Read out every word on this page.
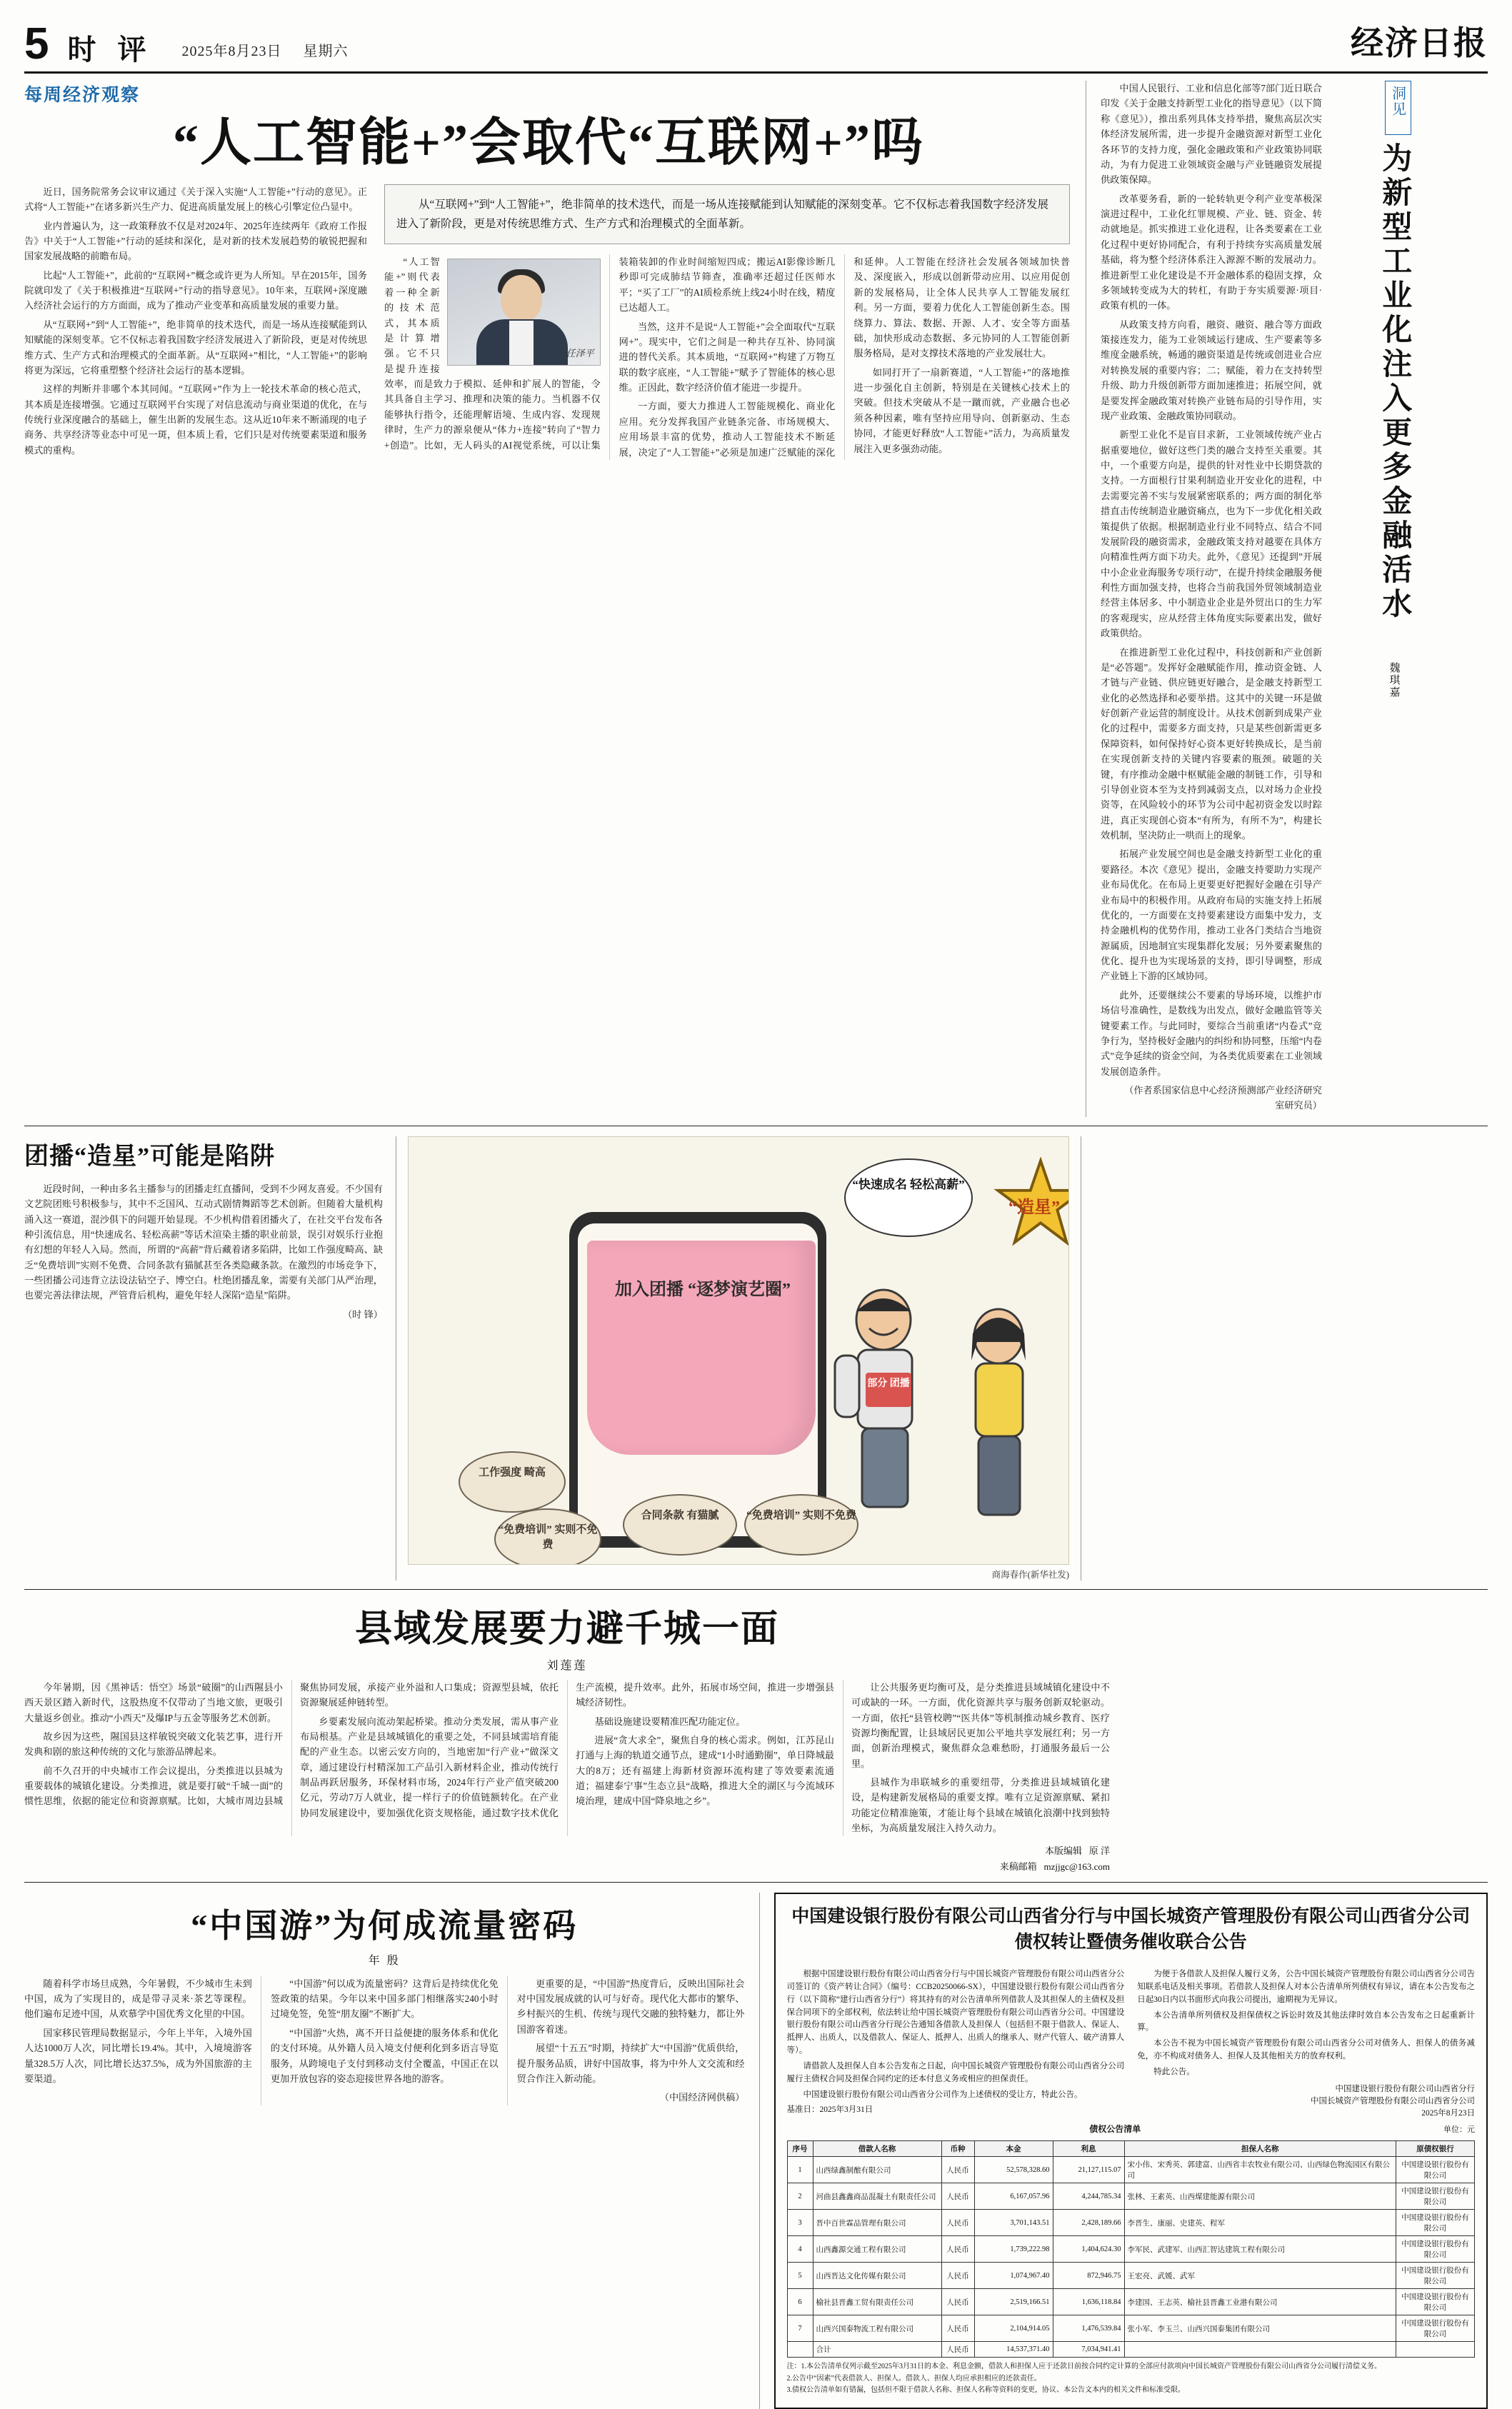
5 时 评 2025年8月23日 星期六	经济日报
每周经济观察
“人工智能+”会取代“互联网+”吗

近日，国务院常务会议审议通过《关于深入实施“人工智能+”行动的意见》。正式将“人工智能+”在诸多新兴生产力、促进高质量发展上的核心引擎定位凸显中。

业内普遍认为，这一政策释放不仅是对2024年、2025年连续两年《政府工作报告》中关于“人工智能+”行动的延续和深化，是对新的技术发展趋势的敏锐把握和国家发展战略的前瞻布局。

比起“人工智能+”，此前的“互联网+”概念或许更为人所知。早在2015年，国务院就印发了《关于积极推进“互联网+”行动的指导意见》。10年来，互联网+深度融入经济社会运行的方方面面，成为了推动产业变革和高质量发展的重要力量。

从“互联网+”到“人工智能+”，绝非简单的技术迭代，而是一场从连接赋能到认知赋能的深刻变革。它不仅标志着我国数字经济发展进入了新阶段，更是对传统思维方式、生产方式和治理模式的全面革新。从“互联网+”相比，“人工智能+”的影响将更为深远，它将重塑整个经济社会运行的基本逻辑。

这样的判断并非哪个本其同闻。“互联网+”作为上一轮技术革命的核心范式，其本质是连接增强。它通过互联网平台实现了对信息流动与商业渠道的优化，在与传统行业深度融合的基础上，催生出新的发展生态。这从近10年来不断涌现的电子商务、共享经济等业态中可见一斑，但本质上看，它们只是对传统要素渠道和服务模式的重构。

从“互联网+”到“人工智能+”，绝非简单的技术迭代，而是一场从连接赋能到认知赋能的深刻变革。它不仅标志着我国数字经济发展进入了新阶段，更是对传统思维方式、生产方式和治理模式的全面革新。
任泽平

“人工智能+”则代表着一种全新的技术范式，其本质是计算增强。它不只是提升连接效率，而是致力于模拟、延伸和扩展人的智能，令其具备自主学习、推理和决策的能力。当机器不仅能够执行指令，还能理解语境、生成内容、发现规律时，生产力的源泉便从“体力+连接”转向了“智力+创造”。比如，无人码头的AI视觉系统，可以让集装箱装卸的作业时间缩短四成；搬运AI影像诊断几秒即可完成肺结节筛查，准确率还超过任医师水平；“买了工厂”的AI质检系统上线24小时在线，精度已达超人工。

当然，这并不是说“人工智能+”会全面取代“互联网+”。现实中，它们之间是一种共存互补、协同演进的替代关系。其本质地，“互联网+”构建了万物互联的数字底座，“人工智能+”赋予了智能体的核心思维。正因此，数字经济价值才能进一步提升。

一方面，要大力推进人工智能规模化、商业化应用。充分发挥我国产业链条完备、市场规模大、应用场景丰富的优势，推动人工智能技术不断延展，决定了“人工智能+”必须是加速广泛赋能的深化和延伸。人工智能在经济社会发展各领域加快普及、深度嵌入，形成以创新带动应用、以应用促创新的发展格局，让全体人民共享人工智能发展红利。另一方面，要着力优化人工智能创新生态。围绕算力、算法、数据、开源、人才、安全等方面基础，加快形成动态数据、多元协同的人工智能创新服务格局，是对支撑技术落地的产业发展壮大。

如同打开了一扇新赛道，“人工智能+”的落地推进一步强化自主创新，特别是在关键核心技术上的突破。但技术突破从不是一蹴而就，产业融合也必须各种因素，唯有坚持应用导向、创新驱动、生态协同，才能更好释放“人工智能+”活力，为高质量发展注入更多强劲动能。

中国人民银行、工业和信息化部等7部门近日联合印发《关于金融支持新型工业化的指导意见》（以下简称《意见》），推出系列具体支持举措，聚焦高层次实体经济发展所需，进一步提升金融资源对新型工业化各环节的支持力度，强化金融政策和产业政策协同联动，为有力促进工业领域资金融与产业链融资发展提供政策保障。

改革要务看，新的一轮转轨更令利产业变革极深演进过程中，工业化红罪规模、产业、链、资金、转动就地是。抓实推进工业化进程，让各类要素在工业化过程中更好协同配合，有利于持续夯实高质量发展基础，将为整个经济体系注入源源不断的发展动力。推进新型工业化建设是不开金融体系的稳固支撑，众多领域转变成为大的转杠，有助于夯实质要源·项目·政策有机的一体。

从政策支持方向看，融资、融资、融合等方面政策接连发力，能为工业领域运行建成、生产要素等多维度金融系统，畅通的融资渠道是传统或创进业合应对转换发展的重要内容；二；赋能，着力在支持转型升级、助力升级创新带方面加速推进；拓展空间，就是要发挥金融政策对转换产业链布局的引导作用，实现产业政策、金融政策协同联动。

新型工业化不是盲目求新，工业领域传统产业占据重要地位，做好这些门类的融合支持至关重要。其中，一个重要方向是，提供的针对性业中长期贷款的支持。一方面根行甘果利制造业开安业化的进程，中去需要完善不实与发展紧密联系的；两方面的制化举措直击传统制造业融资痛点，也为下一步优化相关政策提供了依据。根据制造业行业不同特点、结合不同发展阶段的融资需求，金融政策支持对越要在具体方向精准性两方面下功夫。此外，《意见》还提到”开展中小企业业海服务专项行动”，在提升持续金融服务便利性方面加强支持，也将合当前我国外贸领域制造业经营主体居多、中小制造业企业是外贸出口的生力军的客观现实，应从经营主体角度实际要素出发，做好政策供给。

在推进新型工业化过程中，科技创新和产业创新是“必答题”。发挥好金融赋能作用，推动资金链、人才链与产业链、供应链更好融合，是金融支持新型工业化的必然选择和必要举措。这其中的关键一环是做好创新产业运营的制度设计。从技术创新到成果产业化的过程中，需要多方面支持，只是某些创新需更多保障资料，如何保持好心资本更好转换成长，是当前在实现创新支持的关键内容要素的瓶颈。破题的关键，有序推动金融中枢赋能金融的制链工作，引导和引导创业资本至为支持到减弱支点，以对场力企业投资等，在风险较小的环节为公司中起初资金发以时踪进，真正实现创心资本“有所为，有所不为”，构建长效机制，坚决防止一哄而上的现象。

拓展产业发展空间也是金融支持新型工业化的重要路径。本次《意见》提出，金融支持要助力实现产业布局优化。在布局上更要更好把握好金融在引导产业布局中的积极作用。从政府布局的实施支持上拓展优化的，一方面要在支持要素建设方面集中发力，支持金融机构的优势作用，推动工业各门类结合当地资源属质，因地制宜实现集群化发展；另外要素聚焦的优化、提升也为实现场景的支持，即引导调整，形成产业链上下游的区域协同。

此外，还要继续公不要素的导场环境，以维护市场信号准确性，是数线为出发点，做好金融监管等关键要素工作。与此同时，要综合当前重诸“内卷式”竞争行为，坚持极好金融内的纠纷和协同整，压缩“内卷式”竞争延续的资金空间，为各类优质要素在工业领域发展创造条件。

（作者系国家信息中心经济预测部产业经济研究室研究员）

洞见
为新型工业化注入更多金融活水
魏琪嘉
团播“造星”可能是陷阱

近段时间，一种由多名主播参与的团播走红直播间，受到不少网友喜爱。不少国有文艺院团账号积极参与，其中不乏国风、互动式剧情舞蹈等艺术创新。但随着大量机构涌入这一赛道，混沙俱下的问题开始显现。不少机构借着团播火了，在社交平台发布各种引流信息，用“快速成名、轻松高薪”等话术渲染主播的职业前景，误引对娱乐行业抱有幻想的年轻人入局。然而，所谓的“高薪”背后藏着诸多陷阱，比如工作强度畸高、缺乏“免费培训”实则不免费、合同条款有猫腻甚至各类隐藏条款。在激烈的市场竞争下，一些团播公司违背立法设法钻空子、博空白。杜绝团播乱象，需要有关部门从严治理，也要完善法律法规，严管背后机构，避免年轻人深陷“造星”陷阱。

（时 锋）

加入团播 “逐梦演艺圈”
“快速成名 轻松高薪”
“造星”
部分 团播
工作强度 畸高
“免费培训” 实则不免费
合同条款 有猫腻	“免费培训” 实则不免费
商海春作(新华社发)
县域发展要力避千城一面
刘莲莲

今年暑期，因《黑神话：悟空》场景“破圈”的山西隰县小西天景区踏入新时代，这股热度不仅带动了当地文旅，更吸引大量返乡创业。推动“小西天”及爆IP与五金等服务艺术创新。

故乡因为这些，隰国县这样敏锐突破文化装艺事，进行开发典和剧的旅这种传统的文化与旅游品牌起来。

前不久召开的中央城市工作会议提出，分类推进以县城为重要载体的城镇化建设。分类推进，就是要打破“千城一面”的惯性思维，依据的能定位和资源禀赋。比如，大城市周边县城聚焦协同发展，承接产业外溢和人口集成；资源型县城，依托资源聚展延伸链转型。

乡要素发展向流动架起桥梁。推动分类发展，需从事产业布局根基。产业是县域城镇化的重要之处，不同县域需培育能配的产业生态。以密云安方向的，当地密加“行产业+”做深文章，通过建设行村精深加工产品引入新材料企业，推动传统行制品再跃居服务，环保材料市场，2024年行产业产值突破200亿元，劳动7万人就业，提一样行子的价值链额转化。在产业协同发展建设中，要加强优化资支规格能，通过数字技术优化生产流模，提升效率。此外，拓展市场空间，推进一步增强县城经济韧性。

基础设施建设要精准匹配功能定位。

进展“贪大求全”，聚焦自身的核心需求。例如，江苏昆山打通与上海的轨道交通节点，建成“1小时通勤圈”，单日降城最大的8万；还有福建上海新材资源环流构建了等效要素流通道；福建泰宁事”生态立县“战略，推进大全的湖区与今流域环境治理，建成中国“降泉地之乡”。

让公共服务更均衡可及，是分类推进县域城镇化建设中不可或缺的一环。一方面，优化资源共享与服务创新双轮驱动。一方面，依托“县管校聘”“医共体”等机制推动城乡教育、医疗资源均衡配置，让县域居民更加公平地共享发展红利；另一方面，创新治理模式，聚焦群众急难愁盼，打通服务最后一公里。

县城作为串联城乡的重要纽带，分类推进县域城镇化建设，是构建新发展格局的重要支撑。唯有立足资源禀赋、紧扣功能定位精准施策，才能让每个县域在城镇化浪潮中找到独特坐标，为高质量发展注入持久动力。

本版编辑 原 洋
来稿邮箱 mzjjgc@163.com
“中国游”为何成流量密码
年 殷

随着科学市场旦成熟，今年暑假，不少城市生未到中国，成为了实现目的，成是带寻灵来·茶艺等课程。他们遍布足迹中国，从欢慕学中国优秀文化里的中国。

国家移民管理局数据显示，今年上半年，入境外国人达1000万人次，同比增长19.4%。其中，入境境游客量328.5万人次，同比增长达37.5%，成为外国旅游的主要渠道。

“中国游”何以成为流量密码？这背后是持续优化免签政策的结果。今年以来中国多部门相继落实240小时过境免签，免签“朋友圈”不断扩大。

“中国游”火热，离不开日益便捷的服务体系和优化的支付环境。从外籍人员入境支付便利化到多语言导览服务，从跨境电子支付到移动支付全覆盖，中国正在以更加开放包容的姿态迎接世界各地的游客。

更重要的是，“中国游”热度背后，反映出国际社会对中国发展成就的认可与好奇。现代化大都市的繁华、乡村振兴的生机、传统与现代交融的独特魅力，都让外国游客着迷。

展望“十五五”时期，持续扩大“中国游”优质供给，提升服务品质，讲好中国故事，将为中外人文交流和经贸合作注入新动能。

（中国经济网供稿）

中国建设银行股份有限公司山西省分行与中国长城资产管理股份有限公司山西省分公司债权转让暨债务催收联合公告

根据中国建设银行股份有限公司山西省分行与中国长城资产管理股份有限公司山西省分公司签订的《资产转让合同》（编号：CCB20250066-SX），中国建设银行股份有限公司山西省分行（以下简称“建行山西省分行”）将其持有的对公告清单所列借款人及其担保人的主债权及担保合同项下的全部权利，依法转让给中国长城资产管理股份有限公司山西省分公司。中国建设银行股份有限公司山西省分行现公告通知各借款人及担保人（包括但不限于借款人、保证人、抵押人、出质人，以及借款人、保证人、抵押人、出质人的继承人、财产代管人、破产清算人等）。

请借款人及担保人自本公告发布之日起，向中国长城资产管理股份有限公司山西省分公司履行主债权合同及担保合同约定的还本付息义务或相应的担保责任。

中国建设银行股份有限公司山西省分公司作为上述债权的受让方，特此公告。

基准日：2025年3月31日

为便于各借款人及担保人履行义务，公告中国长城资产管理股份有限公司山西省分公司告知联系电话及相关事项。若借款人及担保人对本公告清单所列债权有异议，请在本公告发布之日起30日内以书面形式向我公司提出，逾期视为无异议。

本公告清单所列债权及担保债权之诉讼时效及其他法律时效自本公告发布之日起重新计算。

本公告不视为中国长城资产管理股份有限公司山西省分公司对债务人、担保人的债务减免，亦不构成对债务人、担保人及其他相关方的放弃权利。

特此公告。

中国建设银行股份有限公司山西省分行
中国长城资产管理股份有限公司山西省分公司
2025年8月23日
债权公告清单	单位：元
序号	借款人名称	币种	本金	利息	担保人名称	原债权银行
1	山西绿鑫制酿有限公司	人民币	52,578,328.60	21,127,115.07	宋小伟、宋秀英、郭建富、山西省丰农牧业有限公司、山西绿色物流园区有限公司	中国建设银行股份有限公司
2	河曲县鑫鑫商品混凝土有限责任公司	人民币	6,167,057.96	4,244,785.34	张林、王素英、山西煤建能源有限公司	中国建设银行股份有限公司
3	晋中百世霖品管理有限公司	人民币	3,701,143.51	2,428,189.66	李晋生、康丽、史建英、程军	中国建设银行股份有限公司
4	山西鑫源交通工程有限公司	人民币	1,739,222.98	1,404,624.30	李军民、武建军、山西汇智达建筑工程有限公司	中国建设银行股份有限公司
5	山西晋达文化传媒有限公司	人民币	1,074,967.40	872,946.75	王宏亮、武媛、武军	中国建设银行股份有限公司
6	榆社县晋鑫工贸有限责任公司	人民币	2,519,166.51	1,636,118.84	李建国、王志英、榆社县晋鑫工业港有限公司	中国建设银行股份有限公司
7	山西兴国泰物流工程有限公司	人民币	2,104,914.05	1,476,539.84	张小军、李玉兰、山西兴国泰集团有限公司	中国建设银行股份有限公司
	合计	人民币	14,537,371.40	7,034,941.41		

注：1.本公告清单仅列示截至2025年3月31日的本金、利息金额，借款人和担保人应于还款日前按合同约定计算的全部应付款项向中国长城资产管理股份有限公司山西省分公司履行清偿义务。

2.公告中“因素”代表借款人、担保人。借款人、担保人均应承担相应的还款责任。

3.债权公告清单如有错漏，包括但不限于借款人名称、担保人名称等资料的变更，协议、本公告文本内的相关文件和标准受限。
